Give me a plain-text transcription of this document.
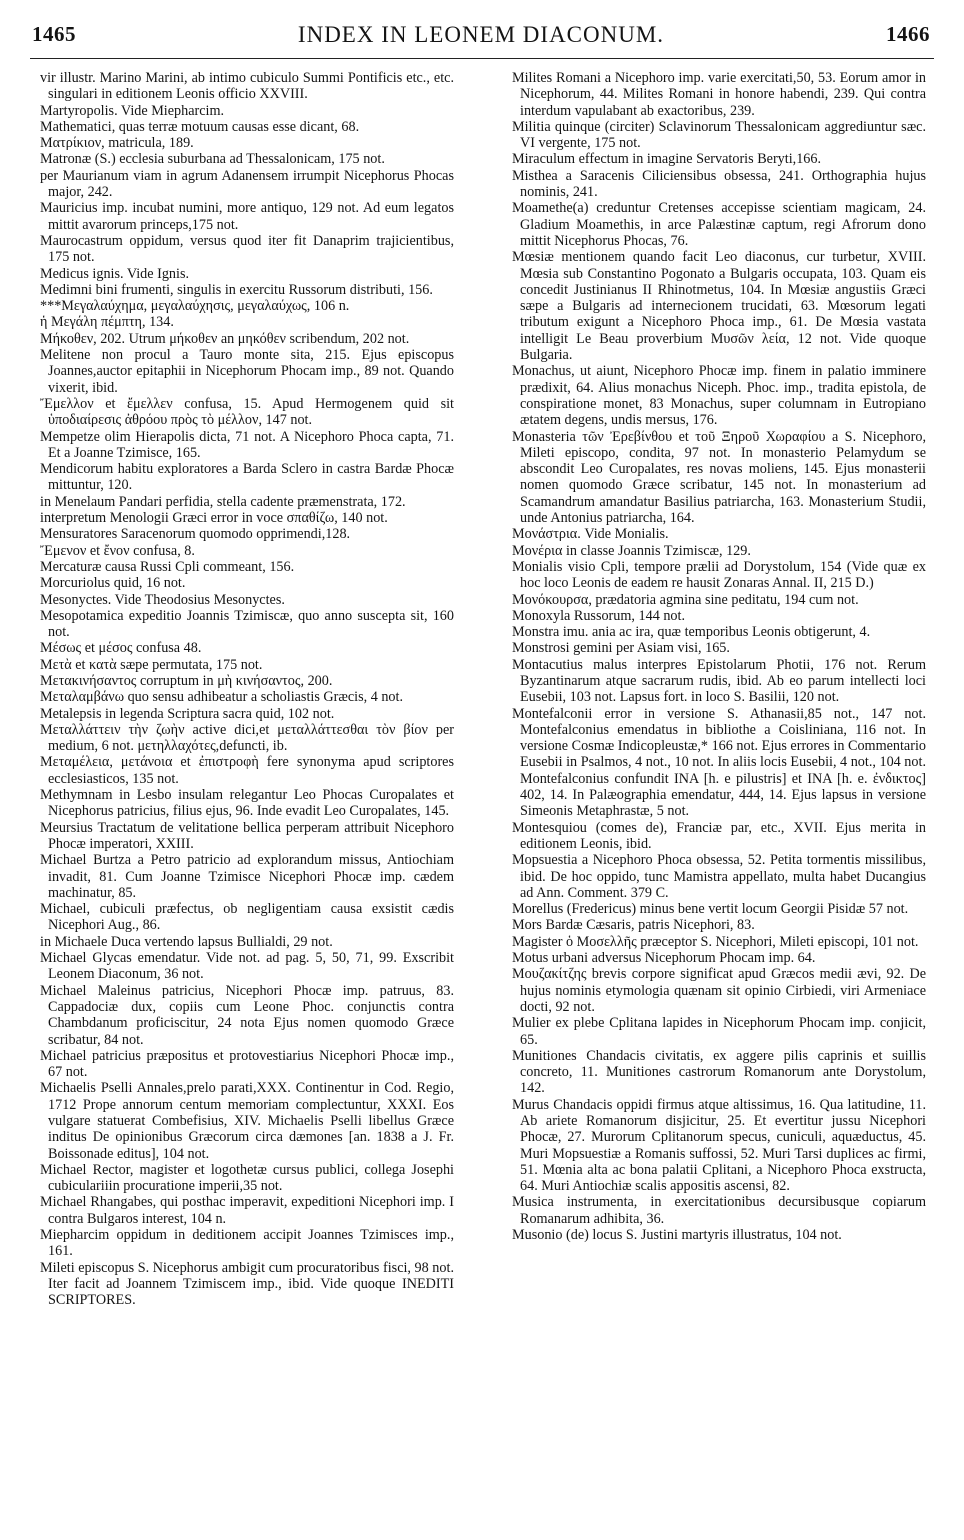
1465	INDEX IN LEONEM DIACONUM.	1466

vir illustr. Marino Marini, ab intimo cubiculo Summi Pontificis etc., etc. singulari in editionem Leonis officio XXVIII.

Martyropolis. Vide Miepharcim.

Mathematici, quas terræ motuum causas esse dicant, 68.

Ματρίκιον, matricula, 189.

Matronæ (S.) ecclesia suburbana ad Thessalonicam, 175 not.

per Maurianum viam in agrum Adanensem irrumpit Nicephorus Phocas major, 242.

Mauricius imp. incubat numini, more antiquo, 129 not. Ad eum legatos mittit avarorum princeps,175 not.

Maurocastrum oppidum, versus quod iter fit Danaprim trajicientibus, 175 not.

Medicus ignis. Vide Ignis.

Medimni bini frumenti, singulis in exercitu Russorum distributi, 156.

***Μεγαλαύχημα, μεγαλαύχησις, μεγαλαύχως, 106 n.

ἡ Μεγάλη πέμπτη, 134.

Μήκοθεν, 202. Utrum μήκοθεν an μηκόθεν scribendum, 202 not.

Melitene non procul a Tauro monte sita, 215. Ejus episcopus Joannes,auctor epitaphii in Nicephorum Phocam imp., 89 not. Quando vixerit, ibid.

Ἔμελλον et ἔμελλεν confusa, 15. Apud Hermogenem quid sit ὑποδιαίρεσις ἀθρόου πρὸς τὸ μέλλον, 147 not.

Mempetze olim Hierapolis dicta, 71 not. A Nicephoro Phoca capta, 71. Et a Joanne Tzimisce, 165.

Mendicorum habitu exploratores a Barda Sclero in castra Bardæ Phocæ mittuntur, 120.

in Menelaum Pandari perfidia, stella cadente præmenstrata, 172.

interpretum Menologii Græci error in voce σπαθίζω, 140 not.

Mensuratores Saracenorum quomodo opprimendi,128.

Ἔμενον et ἔνον confusa, 8.

Mercaturæ causa Russi Cpli commeant, 156.

Morcuriolus quid, 16 not.

Mesonyctes. Vide Theodosius Mesonyctes.

Mesopotamica expeditio Joannis Tzimiscæ, quo anno suscepta sit, 160 not.

Μέσως et μέσος confusa 48.

Μετὰ et κατὰ sæpe permutata, 175 not.

Μετακινήσαντος corruptum in μὴ κινήσαντος, 200.

Μεταλαμβάνω quo sensu adhibeatur a scholiastis Græcis, 4 not.

Metalepsis in legenda Scriptura sacra quid, 102 not.

Μεταλλάττειν τὴν ζωὴν active dici,et μεταλλάττεσθαι τὸν βίον per medium, 6 not. μετηλλαχότες,defuncti, ib.

Μεταμέλεια, μετάνοια et ἐπιστροφὴ fere synonyma apud scriptores ecclesiasticos, 135 not.

Methymnam in Lesbo insulam relegantur Leo Phocas Curopalates et Nicephorus patricius, filius ejus, 96. Inde evadit Leo Curopalates, 145.

Meursius Tractatum de velitatione bellica perperam attribuit Nicephoro Phocæ imperatori, XXIII.

Michael Burtza a Petro patricio ad explorandum missus, Antiochiam invadit, 81. Cum Joanne Tzimisce Nicephori Phocæ imp. cædem machinatur, 85.

Michael, cubiculi præfectus, ob negligentiam causa exsistit cædis Nicephori Aug., 86.

in Michaele Duca vertendo lapsus Bullialdi, 29 not.

Michael Glycas emendatur. Vide not. ad pag. 5, 50, 71, 99. Exscribit Leonem Diaconum, 36 not.

Michael Maleinus patricius, Nicephori Phocæ imp. patruus, 83. Cappadociæ dux, copiis cum Leone Phoc. conjunctis contra Chambdanum proficiscitur, 24 nota Ejus nomen quomodo Græce scribatur, 84 not.

Michael patricius præpositus et protovestiarius Nicephori Phocæ imp., 67 not.

Michaelis Pselli Annales,prelo parati,XXX. Continentur in Cod. Regio, 1712 Prope annorum centum memoriam complectuntur, XXXI. Eos vulgare statuerat Combefisius, XIV. Michaelis Pselli libellus Græce inditus De opinionibus Græcorum circa dæmones [an. 1838 a J. Fr. Boissonade editus], 104 not.

Michael Rector, magister et logothetæ cursus publici, collega Josephi cubiculariiin procuratione imperii,35 not.

Michael Rhangabes, qui posthac imperavit, expeditioni Nicephori imp. I contra Bulgaros interest, 104 n.

Miepharcim oppidum in deditionem accipit Joannes Tzimisces imp., 161.

Mileti episcopus S. Nicephorus ambigit cum procuratoribus fisci, 98 not. Iter facit ad Joannem Tzimiscem imp., ibid. Vide quoque INEDITI SCRIPTORES.

Milites Romani a Nicephoro imp. varie exercitati,50, 53. Eorum amor in Nicephorum, 44. Milites Romani in honore habendi, 239. Qui contra interdum vapulabant ab exactoribus, 239.

Militia quinque (circiter) Sclavinorum Thessalonicam aggrediuntur sæc. VI vergente, 175 not.

Miraculum effectum in imagine Servatoris Beryti,166.

Misthea a Saracenis Ciliciensibus obsessa, 241. Orthographia hujus nominis, 241.

Moamethe(a) creduntur Cretenses accepisse scientiam magicam, 24. Gladium Moamethis, in arce Palæstinæ captum, regi Afrorum dono mittit Nicephorus Phocas, 76.

Mœsiæ mentionem quando facit Leo diaconus, cur turbetur, XVIII. Mœsia sub Constantino Pogonato a Bulgaris occupata, 103. Quam eis concedit Justinianus II Rhinotmetus, 104. In Mœsiæ angustiis Græci sæpe a Bulgaris ad internecionem trucidati, 63. Mœsorum legati tributum exigunt a Nicephoro Phoca imp., 61. De Mœsia vastata intelligit Le Beau proverbium Μυσῶν λεία, 12 not. Vide quoque Bulgaria.

Monachus, ut aiunt, Nicephoro Phocæ imp. finem in palatio imminere prædixit, 64. Alius monachus Niceph. Phoc. imp., tradita epistola, de conspiratione monet, 83 Monachus, super columnam in Eutropiano ætatem degens, undis mersus, 176.

Monasteria τῶν Ἐρεβίνθου et τοῦ Ξηροῦ Χωραφίου a S. Nicephoro, Mileti episcopo, condita, 97 not. In monasterio Pelamydum se abscondit Leo Curopalates, res novas moliens, 145. Ejus monasterii nomen quomodo Græce scribatur, 145 not. In monasterium ad Scamandrum amandatur Basilius patriarcha, 163. Monasterium Studii, unde Antonius patriarcha, 164.

Μονάστρια. Vide Monialis.

Μονέρια in classe Joannis Tzimiscæ, 129.

Monialis visio Cpli, tempore prælii ad Dorystolum, 154 (Vide quæ ex hoc loco Leonis de eadem re hausit Zonaras Annal. II, 215 D.)

Μονόκουρσα, prædatoria agmina sine peditatu, 194 cum not.

Monoxyla Russorum, 144 not.

Monstra imu. ania ac ira, quæ temporibus Leonis obtigerunt, 4.

Monstrosi gemini per Asiam visi, 165.

Montacutius malus interpres Epistolarum Photii, 176 not. Rerum Byzantinarum atque sacrarum rudis, ibid. Ab eo parum intellecti loci Eusebii, 103 not. Lapsus fort. in loco S. Basilii, 120 not.

Montefalconii error in versione S. Athanasii,85 not., 147 not. Montefalconius emendatus in bibliothe a Coisliniana, 116 not. In versione Cosmæ Indicopleustæ,* 166 not. Ejus errores in Commentario Eusebii in Psalmos, 4 not., 10 not. In aliis locis Eusebii, 4 not., 104 not. Montefalconius confundit ΙΝΑ [h. e pilustris] et ΙΝΑ [h. e. ἐνδικτος] 402, 14. In Palæographia emendatur, 444, 14. Ejus lapsus in versione Simeonis Metaphrastæ, 5 not.

Montesquiou (comes de), Franciæ par, etc., XVII. Ejus merita in editionem Leonis, ibid.

Mopsuestia a Nicephoro Phoca obsessa, 52. Petita tormentis missilibus, ibid. De hoc oppido, tunc Mamistra appellato, multa habet Ducangius ad Ann. Comment. 379 C.

Morellus (Fredericus) minus bene vertit locum Georgii Pisidæ 57 not.

Mors Bardæ Cæsaris, patris Nicephori, 83.

Magister ὁ Μοσελλῆς præceptor S. Nicephori, Mileti episcopi, 101 not.

Motus urbani adversus Nicephorum Phocam imp. 64.

Μουζακίτζης brevis corpore significat apud Græcos medii ævi, 92. De hujus nominis etymologia quænam sit opinio Cirbiedi, viri Armeniace docti, 92 not.

Mulier ex plebe Cplitana lapides in Nicephorum Phocam imp. conjicit, 65.

Munitiones Chandacis civitatis, ex aggere pilis caprinis et suillis concreto, 11. Munitiones castrorum Romanorum ante Dorystolum, 142.

Murus Chandacis oppidi firmus atque altissimus, 16. Qua latitudine, 11. Ab ariete Romanorum disjicitur, 25. Et evertitur jussu Nicephori Phocæ, 27. Murorum Cplitanorum specus, cuniculi, aquæductus, 45. Muri Mopsuestiæ a Romanis suffossi, 52. Muri Tarsi duplices ac firmi, 51. Mœnia alta ac bona palatii Cplitani, a Nicephoro Phoca exstructa, 64. Muri Antiochiæ scalis appositis ascensi, 82.

Musica instrumenta, in exercitationibus decursibusque copiarum Romanarum adhibita, 36.

Musonio (de) locus S. Justini martyris illustratus, 104 not.
